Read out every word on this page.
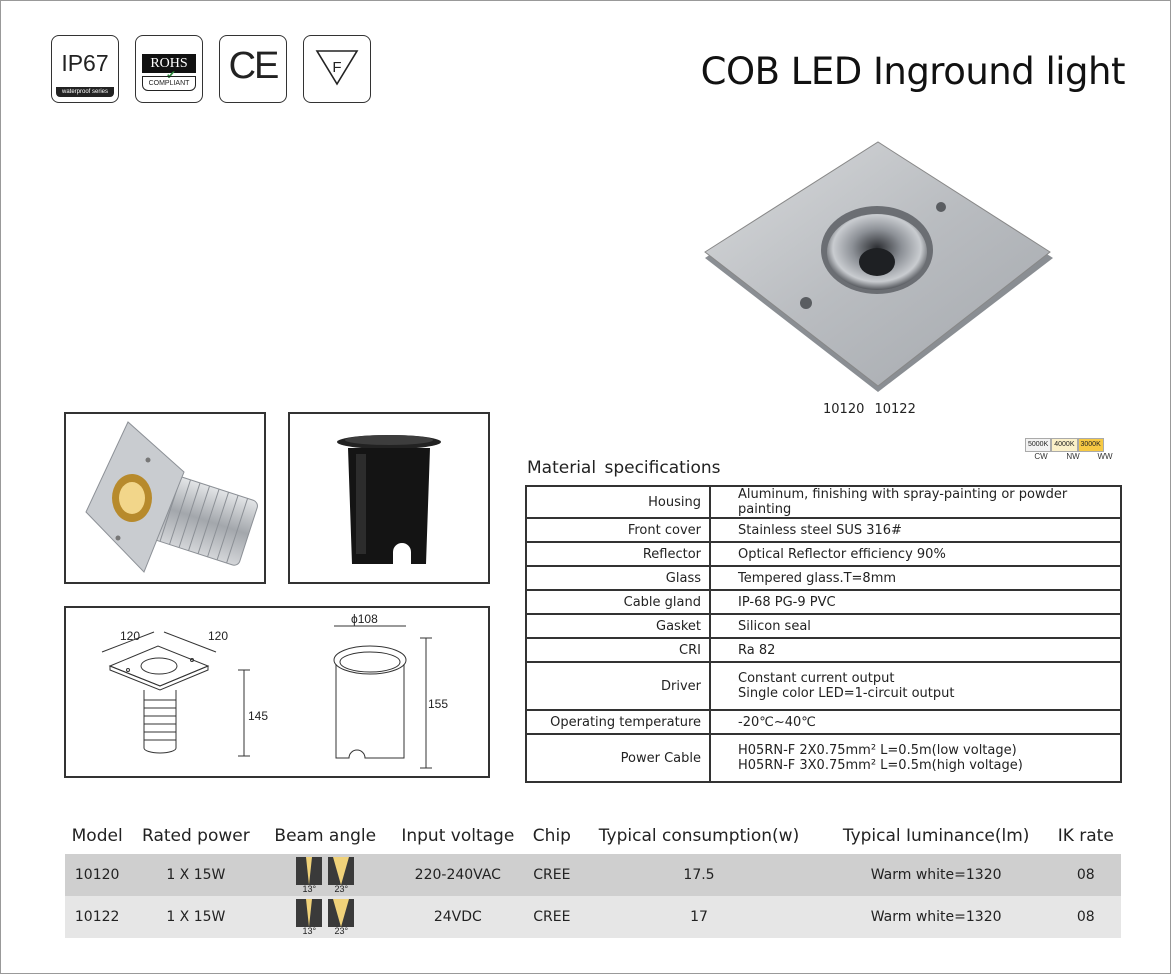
IP67
waterproof series
ROHS
✔
COMPLIANT CE	F	COB LED Inground light
10120 10122
120	120
145
ϕ108
155
5000K 4000K 3000K
CW	NW	WW
Material specifications
Housing	Aluminum, finishing with spray-painting or powder painting

Front cover	Stainless steel SUS 316#

Reflector	Optical Reflector efficiency 90%

Glass	Tempered glass.T=8mm

Cable gland	IP-68 PG-9 PVC

Gasket	Silicon seal

CRI	Ra 82

Driver	Constant current output
Single color LED=1-circuit output

Operating temperature	-20℃~40℃

Power Cable	H05RN-F 2X0.75mm² L=0.5m(low voltage)
H05RN-F 3X0.75mm² L=0.5m(high voltage)
Model	Rated power	Beam angle	Input voltage	Chip	Typical consumption(w)	Typical Iuminance(lm)	IK rate
10120	1 X 15W	13° 23°	220-240VAC	CREE	17.5	Warm white=1320	08
10122	1 X 15W	13° 23°	24VDC	CREE	17	Warm white=1320	08
